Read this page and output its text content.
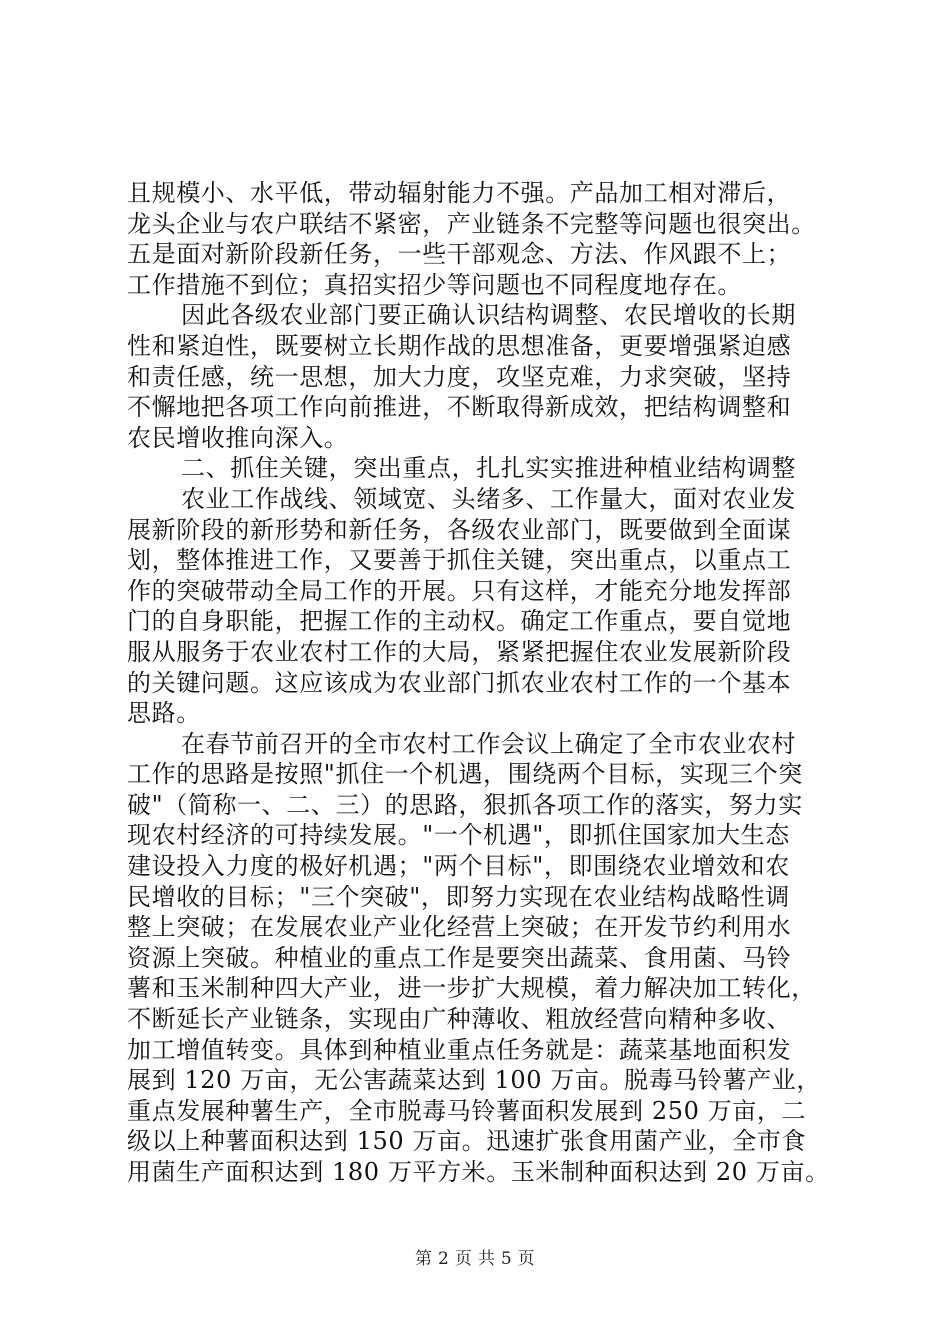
且规模小、水平低，带动辐射能力不强。产品加工相对滞后，
龙头企业与农户联结不紧密，产业链条不完整等问题也很突出。
五是面对新阶段新任务，一些干部观念、方法、作风跟不上；
工作措施不到位；真招实招少等问题也不同程度地存在。
因此各级农业部门要正确认识结构调整、农民增收的长期
性和紧迫性，既要树立长期作战的思想准备，更要增强紧迫感
和责任感，统一思想，加大力度，攻坚克难，力求突破，坚持
不懈地把各项工作向前推进，不断取得新成效，把结构调整和
农民增收推向深入。
二、抓住关键，突出重点，扎扎实实推进种植业结构调整
农业工作战线、领域宽、头绪多、工作量大，面对农业发
展新阶段的新形势和新任务，各级农业部门，既要做到全面谋
划，整体推进工作，又要善于抓住关键，突出重点，以重点工
作的突破带动全局工作的开展。只有这样，才能充分地发挥部
门的自身职能，把握工作的主动权。确定工作重点，要自觉地
服从服务于农业农村工作的大局，紧紧把握住农业发展新阶段
的关键问题。这应该成为农业部门抓农业农村工作的一个基本
思路。
在春节前召开的全市农村工作会议上确定了全市农业农村
工作的思路是按照"抓住一个机遇，围绕两个目标，实现三个突
破"（简称一、二、三）的思路，狠抓各项工作的落实，努力实
现农村经济的可持续发展。"一个机遇"，即抓住国家加大生态
建设投入力度的极好机遇；"两个目标"，即围绕农业增效和农
民增收的目标；"三个突破"，即努力实现在农业结构战略性调
整上突破；在发展农业产业化经营上突破；在开发节约利用水
资源上突破。种植业的重点工作是要突出蔬菜、食用菌、马铃
薯和玉米制种四大产业，进一步扩大规模，着力解决加工转化，
不断延长产业链条，实现由广种薄收、粗放经营向精种多收、
加工增值转变。具体到种植业重点任务就是：蔬菜基地面积发
展到 120 万亩，无公害蔬菜达到 100 万亩。脱毒马铃薯产业，
重点发展种薯生产，全市脱毒马铃薯面积发展到 250 万亩，二
级以上种薯面积达到 150 万亩。迅速扩张食用菌产业，全市食
用菌生产面积达到 180 万平方米。玉米制种面积达到 20 万亩。
第 2 页 共 5 页
